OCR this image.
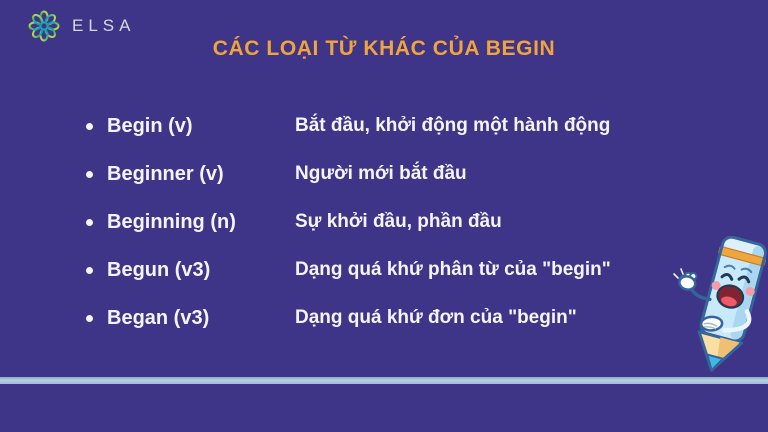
ELSA
CÁC LOẠI TỪ KHÁC CỦA BEGIN
Begin (v)	Bắt đầu, khởi động một hành động
Beginner (v)	Người mới bắt đầu
Beginning (n)	Sự khởi đầu, phần đầu
Begun (v3)	Dạng quá khứ phân từ của "begin"
Began (v3)	Dạng quá khứ đơn của "begin"
